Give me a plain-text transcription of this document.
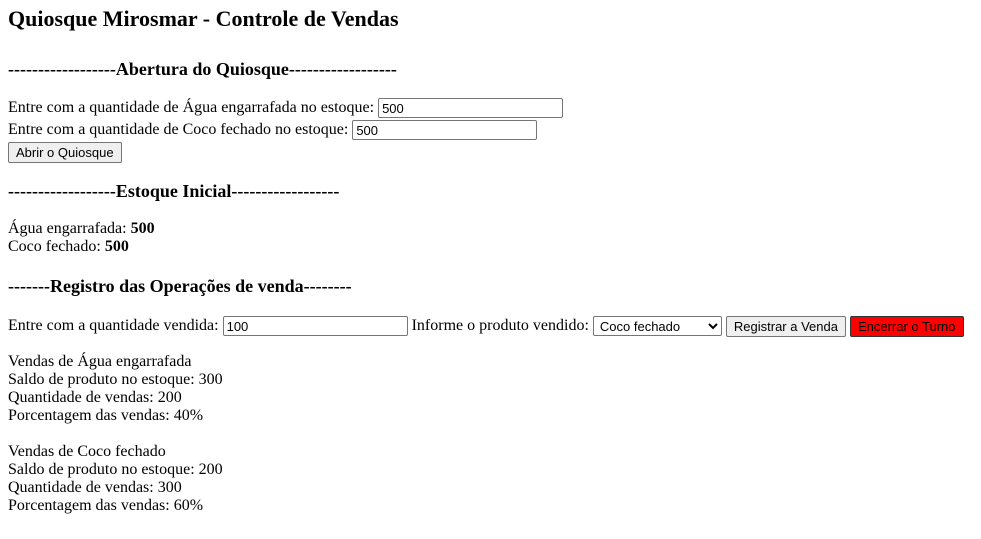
Quiosque Mirosmar - Controle de Vendas
------------------Abertura do Quiosque------------------
Entre com a quantidade de Água engarrafada no estoque:
500
Entre com a quantidade de Coco fechado no estoque:
500
Abrir o Quiosque
------------------Estoque Inicial------------------
Água engarrafada: 500
Coco fechado: 500
-------Registro das Operações de venda--------
Entre com a quantidade vendida:
100	Informe o produto vendido:
Coco fechado	Registrar a Venda	Encerrar o Turno
Vendas de Água engarrafada
Saldo de produto no estoque: 300
Quantidade de vendas: 200
Porcentagem das vendas: 40%
Vendas de Coco fechado
Saldo de produto no estoque: 200
Quantidade de vendas: 300
Porcentagem das vendas: 60%
